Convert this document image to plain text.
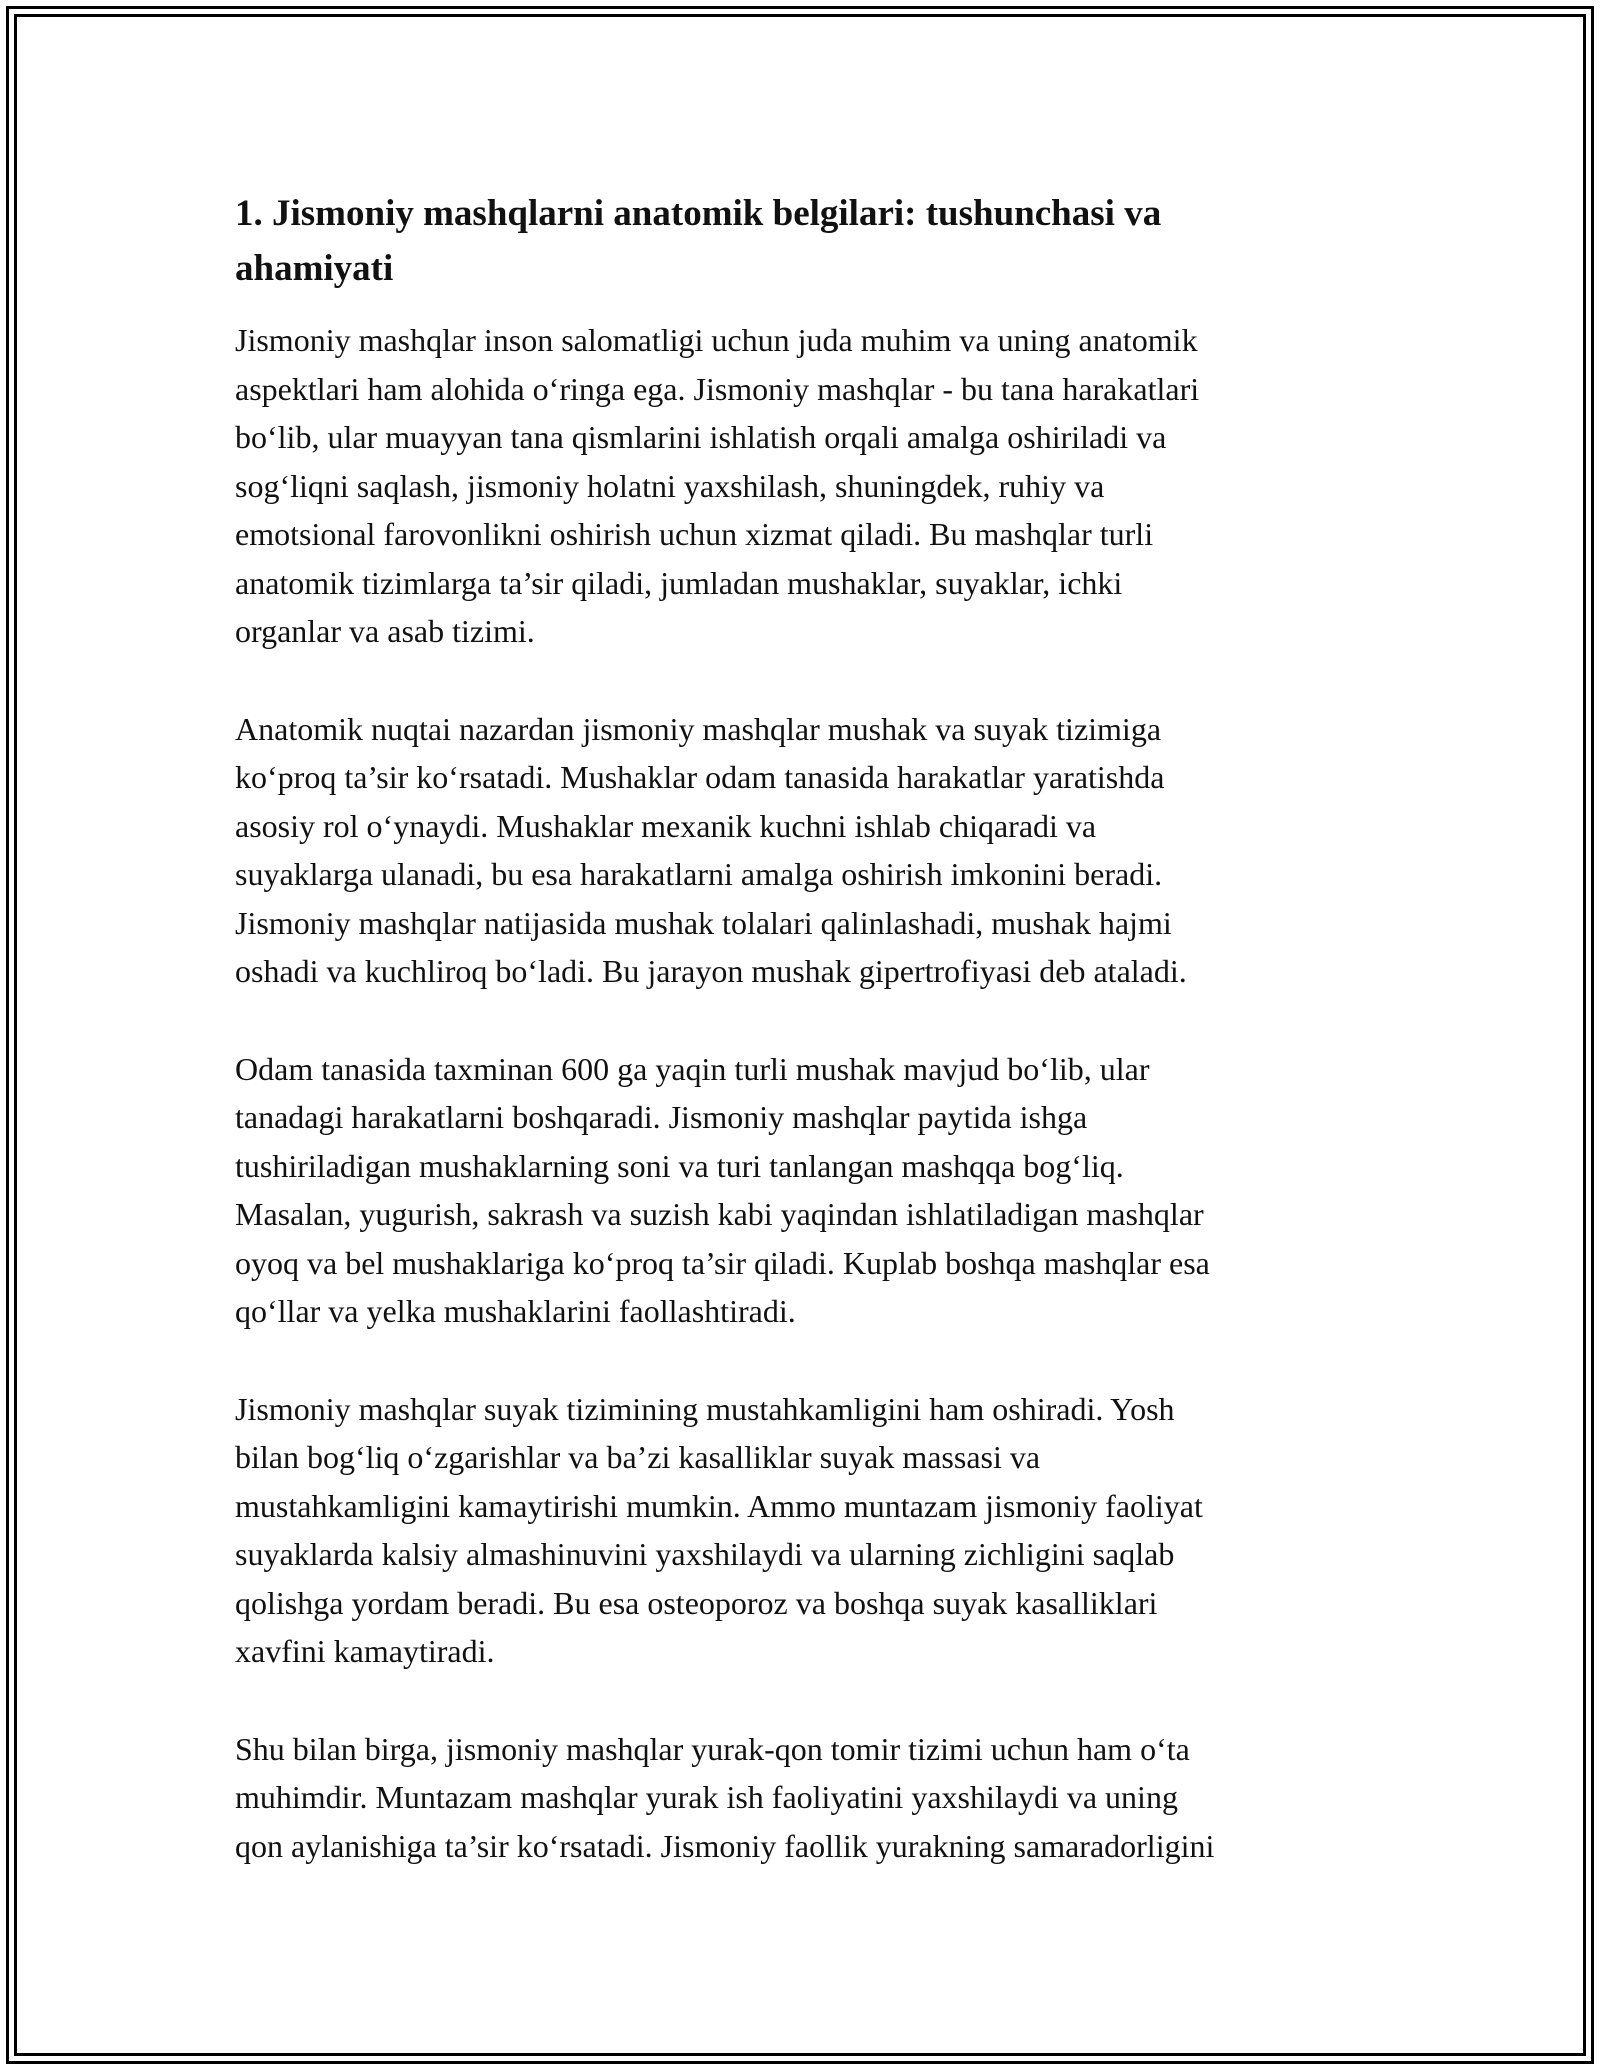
1. Jismoniy mashqlarni anatomik belgilari: tushunchasi va
ahamiyati

Jismoniy mashqlar inson salomatligi uchun juda muhim va uning anatomik
aspektlari ham alohida o‘ringa ega. Jismoniy mashqlar - bu tana harakatlari
bo‘lib, ular muayyan tana qismlarini ishlatish orqali amalga oshiriladi va
sog‘liqni saqlash, jismoniy holatni yaxshilash, shuningdek, ruhiy va
emotsional farovonlikni oshirish uchun xizmat qiladi. Bu mashqlar turli
anatomik tizimlarga ta’sir qiladi, jumladan mushaklar, suyaklar, ichki
organlar va asab tizimi.

Anatomik nuqtai nazardan jismoniy mashqlar mushak va suyak tizimiga
ko‘proq ta’sir ko‘rsatadi. Mushaklar odam tanasida harakatlar yaratishda
asosiy rol o‘ynaydi. Mushaklar mexanik kuchni ishlab chiqaradi va
suyaklarga ulanadi, bu esa harakatlarni amalga oshirish imkonini beradi.
Jismoniy mashqlar natijasida mushak tolalari qalinlashadi, mushak hajmi
oshadi va kuchliroq bo‘ladi. Bu jarayon mushak gipertrofiyasi deb ataladi.

Odam tanasida taxminan 600 ga yaqin turli mushak mavjud bo‘lib, ular
tanadagi harakatlarni boshqaradi. Jismoniy mashqlar paytida ishga
tushiriladigan mushaklarning soni va turi tanlangan mashqqa bog‘liq.
Masalan, yugurish, sakrash va suzish kabi yaqindan ishlatiladigan mashqlar
oyoq va bel mushaklariga ko‘proq ta’sir qiladi. Kuplab boshqa mashqlar esa
qo‘llar va yelka mushaklarini faollashtiradi.

Jismoniy mashqlar suyak tizimining mustahkamligini ham oshiradi. Yosh
bilan bog‘liq o‘zgarishlar va ba’zi kasalliklar suyak massasi va
mustahkamligini kamaytirishi mumkin. Ammo muntazam jismoniy faoliyat
suyaklarda kalsiy almashinuvini yaxshilaydi va ularning zichligini saqlab
qolishga yordam beradi. Bu esa osteoporoz va boshqa suyak kasalliklari
xavfini kamaytiradi.

Shu bilan birga, jismoniy mashqlar yurak-qon tomir tizimi uchun ham o‘ta
muhimdir. Muntazam mashqlar yurak ish faoliyatini yaxshilaydi va uning
qon aylanishiga ta’sir ko‘rsatadi. Jismoniy faollik yurakning samaradorligini
